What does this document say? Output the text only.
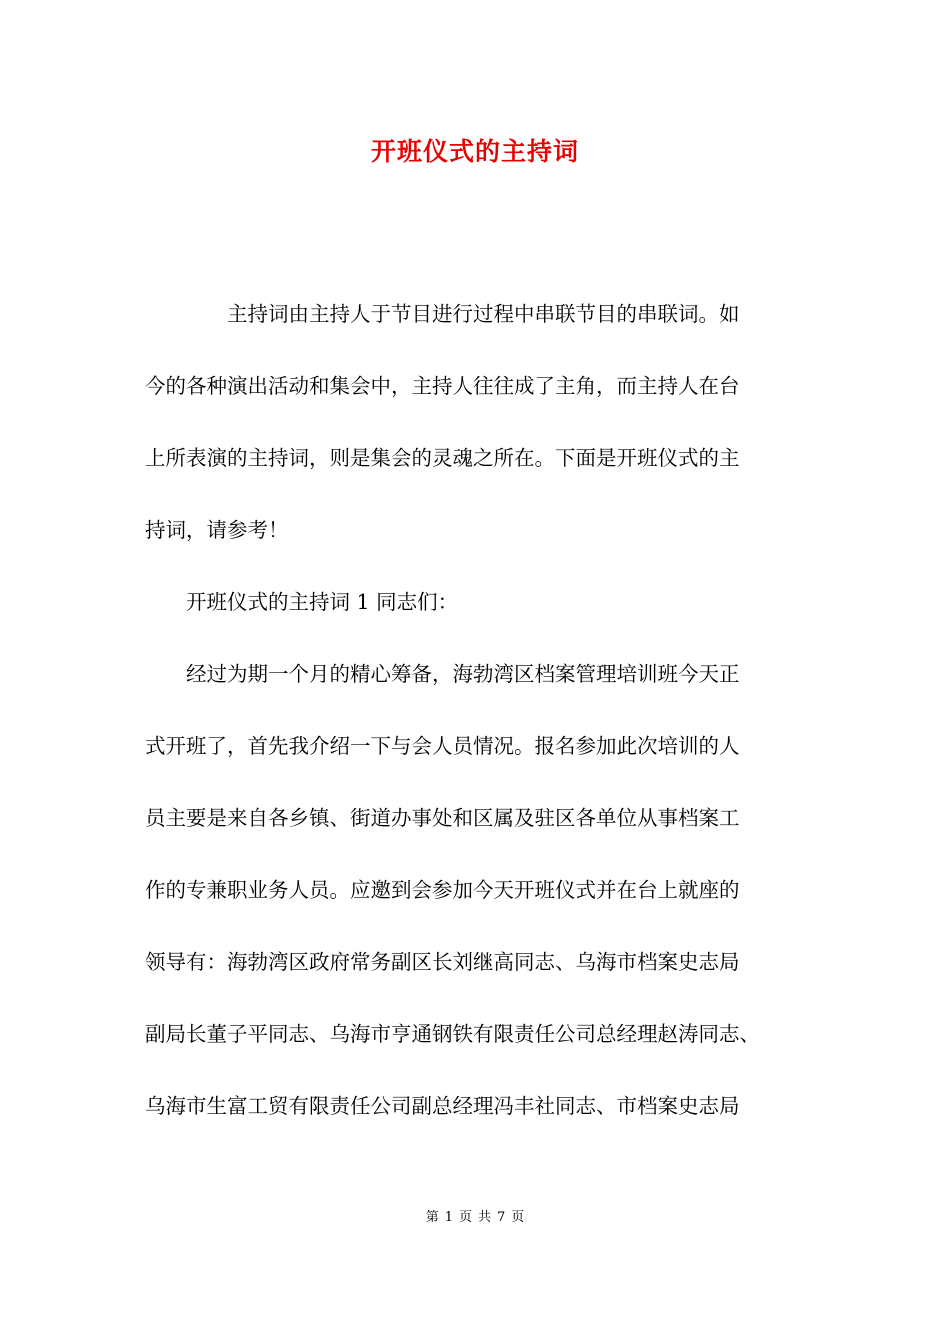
开班仪式的主持词

　　　　主持词由主持人于节目进行过程中串联节目的串联词。如

今的各种演出活动和集会中，主持人往往成了主角，而主持人在台

上所表演的主持词，则是集会的灵魂之所在。下面是开班仪式的主

持词，请参考！

　　开班仪式的主持词 1 同志们：

　　经过为期一个月的精心筹备，海勃湾区档案管理培训班今天正

式开班了，首先我介绍一下与会人员情况。报名参加此次培训的人

员主要是来自各乡镇、街道办事处和区属及驻区各单位从事档案工

作的专兼职业务人员。应邀到会参加今天开班仪式并在台上就座的

领导有：海勃湾区政府常务副区长刘继高同志、乌海市档案史志局

副局长董子平同志、乌海市亨通钢铁有限责任公司总经理赵涛同志、

乌海市生富工贸有限责任公司副总经理冯丰社同志、市档案史志局

第 1 页 共 7 页
